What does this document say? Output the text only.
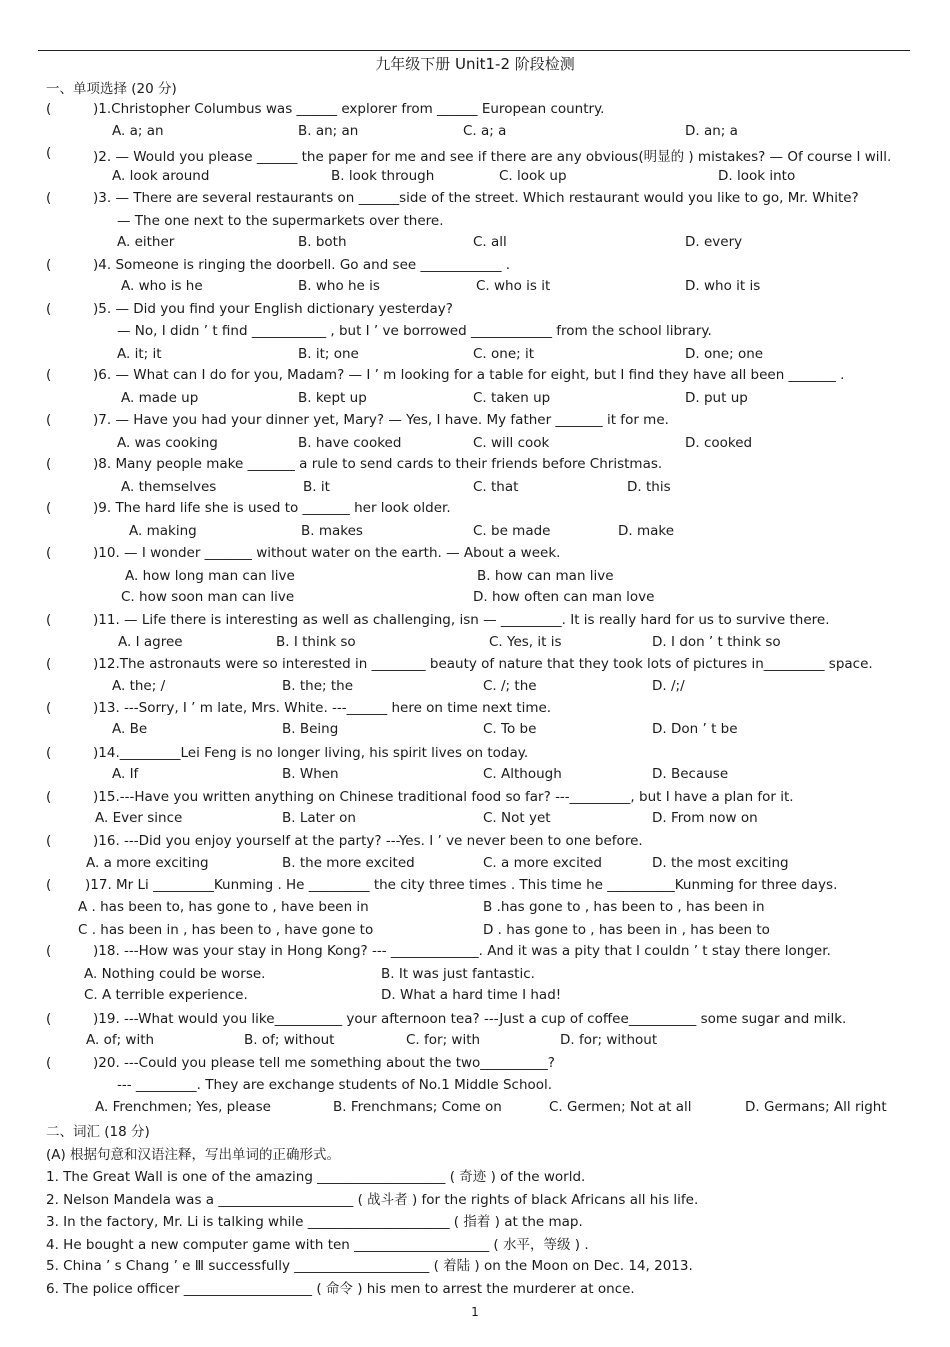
九年级下册 Unit1-2 阶段检测
一、单项选择 (20 分)
(	)1.Christopher Columbus was ______ explorer from ______ European country.
A. a; an	B. an; an	C. a; a	D. an; a
(	)2. — Would you please ______ the paper for me and see if there are any obvious(明显的 ) mistakes? — Of course I will.
A. look around	B. look through	C. look up	D. look into
(	)3. — There are several restaurants on ______side of the street. Which restaurant would you like to go, Mr. White?
— The one next to the supermarkets over there.
A. either	B. both	C. all	D. every
(	)4. Someone is ringing the doorbell. Go and see ____________ .
A. who is he	B. who he is	C. who is it	D. who it is
(	)5. — Did you find your English dictionary yesterday?
— No, I didn ’ t find ___________ , but I ’ ve borrowed ____________ from the school library.
A. it; it	B. it; one	C. one; it	D. one; one
(	)6. — What can I do for you, Madam? — I ’ m looking for a table for eight, but I find they have all been _______ .
A. made up	B. kept up	C. taken up	D. put up
(	)7. — Have you had your dinner yet, Mary? — Yes, I have. My father _______ it for me.
A. was cooking	B. have cooked	C. will cook	D. cooked
(	)8. Many people make _______ a rule to send cards to their friends before Christmas.
A. themselves	B. it	C. that	D. this
(	)9. The hard life she is used to _______ her look older.
A. making	B. makes	C. be made	D. make
(	)10. — I wonder _______ without water on the earth. — About a week.
A. how long man can live	B. how can man live
C. how soon man can live	D. how often can man love
(	)11. — Life there is interesting as well as challenging, isn — _________. It is really hard for us to survive there.
A. I agree	B. I think so	C. Yes, it is	D. I don ’ t think so
(	)12.The astronauts were so interested in ________ beauty of nature that they took lots of pictures in_________ space.
A. the; /	B. the; the	C. /; the	D. /;/
(	)13. ---Sorry, I ’ m late, Mrs. White. ---______ here on time next time.
A. Be	B. Being	C. To be	D. Don ’ t be
(	)14._________Lei Feng is no longer living, his spirit lives on today.
A. If	B. When	C. Although	D. Because
(	)15.---Have you written anything on Chinese traditional food so far? ---_________, but I have a plan for it.
A. Ever since	B. Later on	C. Not yet	D. From now on
(	)16. ---Did you enjoy yourself at the party? ---Yes. I ’ ve never been to one before.
A. a more exciting	B. the more excited	C. a more excited	D. the most exciting
( )17. Mr Li _________Kunming . He _________ the city three times . This time he __________Kunming for three days.
A . has been to, has gone to , have been in	B .has gone to , has been to , has been in
C . has been in , has been to , have gone to	D . has gone to , has been in , has been to
(	)18. ---How was your stay in Hong Kong? --- _____________. And it was a pity that I couldn ’ t stay there longer.
A. Nothing could be worse.	B. It was just fantastic.
C. A terrible experience.	D. What a hard time I had!
(	)19. ---What would you like__________ your afternoon tea? ---Just a cup of coffee__________ some sugar and milk.
A. of; with	B. of; without	C. for; with	D. for; without
(	)20. ---Could you please tell me something about the two__________?
--- _________. They are exchange students of No.1 Middle School.
A. Frenchmen; Yes, please	B. Frenchmans; Come on	C. Germen; Not at all	D. Germans; All right
二、词汇 (18 分)
(A) 根据句意和汉语注释，写出单词的正确形式。
1. The Great Wall is one of the amazing ___________________ ( 奇迹 ) of the world.
2. Nelson Mandela was a ____________________ ( 战斗者 ) for the rights of black Africans all his life.
3. In the factory, Mr. Li is talking while _____________________ ( 指着 ) at the map.
4. He bought a new computer game with ten ____________________ ( 水平，等级 ) .
5. China ’ s Chang ’ e Ⅲ successfully ____________________ ( 着陆 ) on the Moon on Dec. 14, 2013.
6. The police officer ___________________ ( 命令 ) his men to arrest the murderer at once.
1
